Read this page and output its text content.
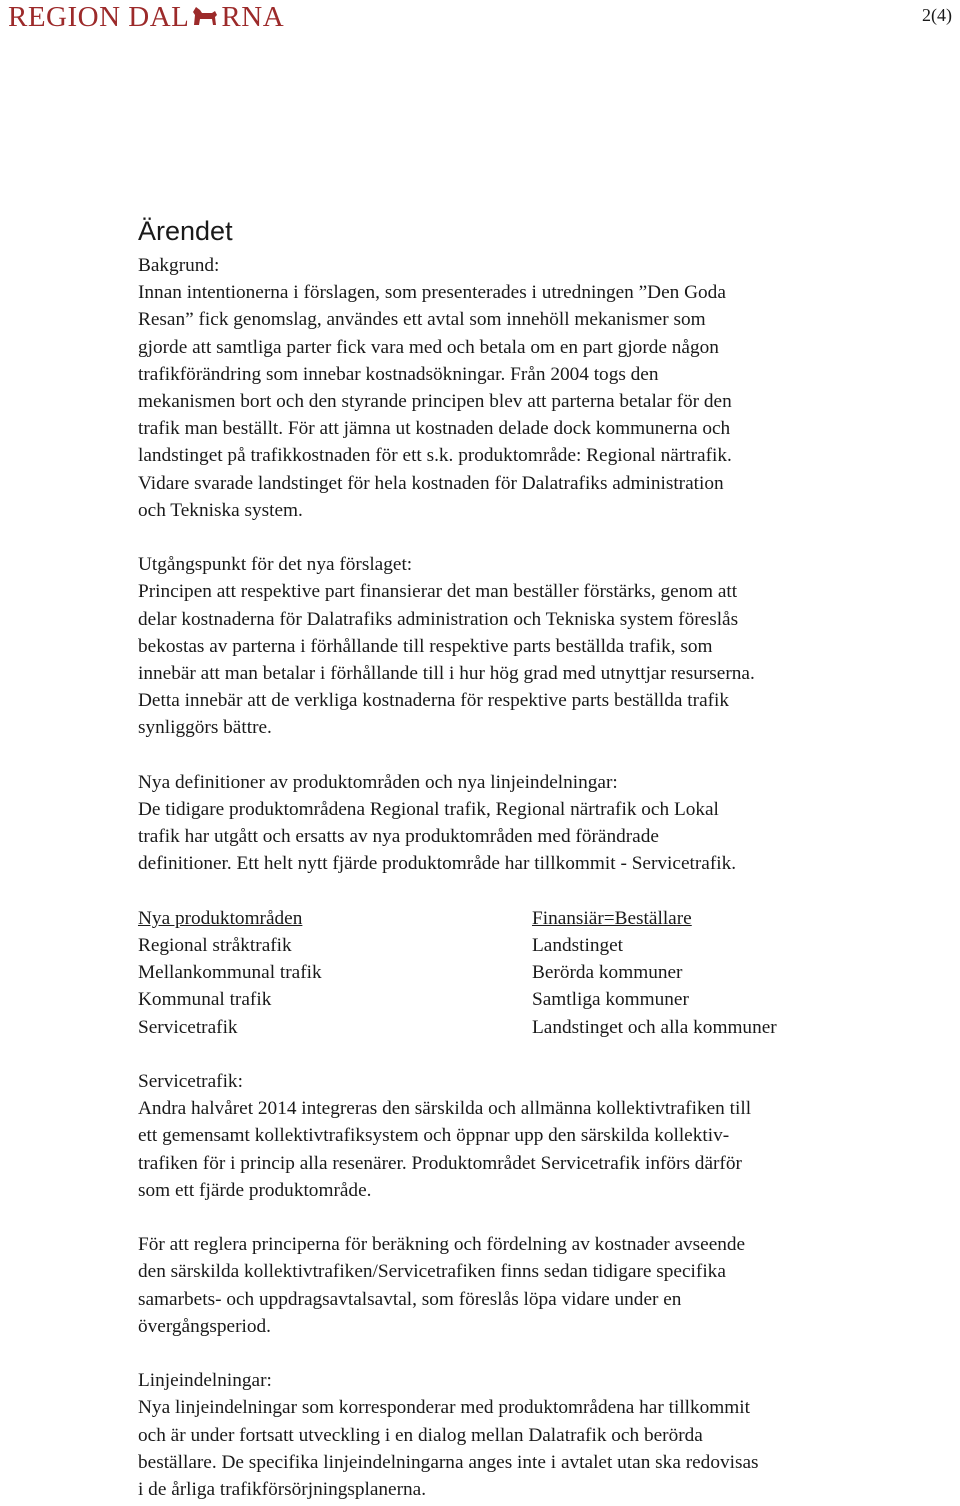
REGION DAL RNA	2(4)
Ärendet

Bakgrund:

Innan intentionerna i förslagen, som presenterades i utredningen ”Den Goda

Resan” fick genomslag, användes ett avtal som innehöll mekanismer som

gjorde att samtliga parter fick vara med och betala om en part gjorde någon

trafikförändring som innebar kostnadsökningar. Från 2004 togs den

mekanismen bort och den styrande principen blev att parterna betalar för den

trafik man beställt. För att jämna ut kostnaden delade dock kommunerna och

landstinget på trafikkostnaden för ett s.k. produktområde: Regional närtrafik.

Vidare svarade landstinget för hela kostnaden för Dalatrafiks administration

och Tekniska system.

Utgångspunkt för det nya förslaget:

Principen att respektive part finansierar det man beställer förstärks, genom att

delar kostnaderna för Dalatrafiks administration och Tekniska system föreslås

bekostas av parterna i förhållande till respektive parts beställda trafik, som

innebär att man betalar i förhållande till i hur hög grad med utnyttjar resurserna.

Detta innebär att de verkliga kostnaderna för respektive parts beställda trafik

synliggörs bättre.

Nya definitioner av produktområden och nya linjeindelningar:

De tidigare produktområdena Regional trafik, Regional närtrafik och Lokal

trafik har utgått och ersatts av nya produktområden med förändrade

definitioner. Ett helt nytt fjärde produktområde har tillkommit - Servicetrafik.

Nya produktområden

Regional stråktrafik

Mellankommunal trafik

Kommunal trafik

Servicetrafik

Finansiär=Beställare

Landstinget

Berörda kommuner

Samtliga kommuner

Landstinget och alla kommuner

Servicetrafik:

Andra halvåret 2014 integreras den särskilda och allmänna kollektivtrafiken till

ett gemensamt kollektivtrafiksystem och öppnar upp den särskilda kollektiv-

trafiken för i princip alla resenärer. Produktområdet Servicetrafik införs därför

som ett fjärde produktområde.

För att reglera principerna för beräkning och fördelning av kostnader avseende

den särskilda kollektivtrafiken/Servicetrafiken finns sedan tidigare specifika

samarbets- och uppdragsavtalsavtal, som föreslås löpa vidare under en

övergångsperiod.

Linjeindelningar:

Nya linjeindelningar som korresponderar med produktområdena har tillkommit

och är under fortsatt utveckling i en dialog mellan Dalatrafik och berörda

beställare. De specifika linjeindelningarna anges inte i avtalet utan ska redovisas

i de årliga trafikförsörjningsplanerna.
